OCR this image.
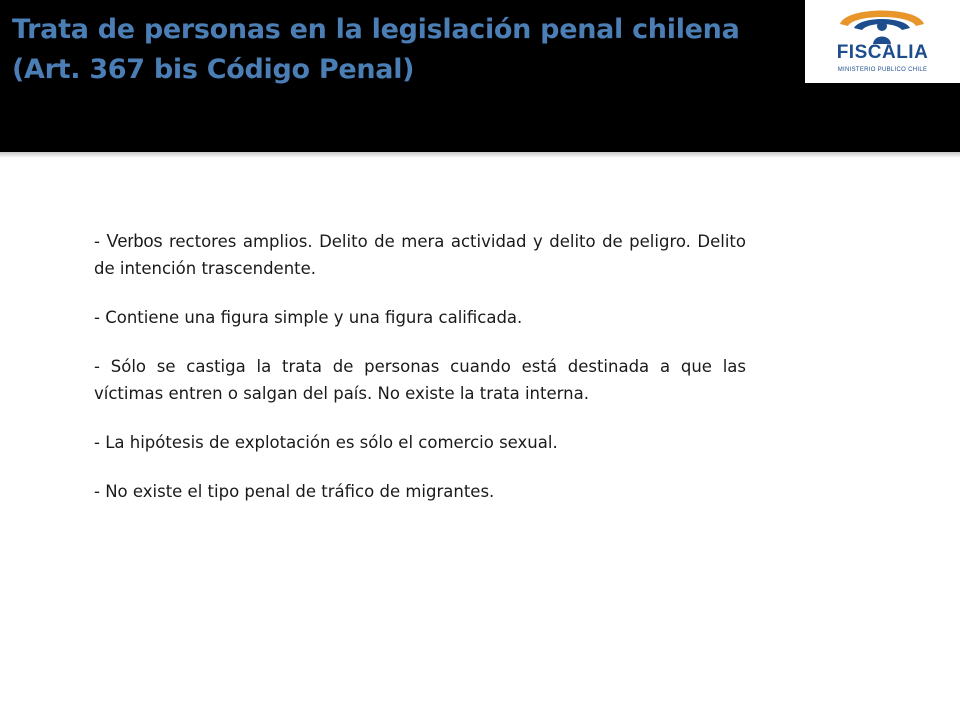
Trata de personas en la legislación penal chilena
(Art. 367 bis Código Penal)
FISCALIA
MINISTERIO PUBLICO CHILE

- Verbos rectores amplios. Delito de mera actividad y delito de peligro. Delito de intención trascendente.

- Contiene una figura simple y una figura calificada.

- Sólo se castiga la trata de personas cuando está destinada a que las víctimas entren o salgan del país. No existe la trata interna.

- La hipótesis de explotación es sólo el comercio sexual.

- No existe el tipo penal de tráfico de migrantes.
